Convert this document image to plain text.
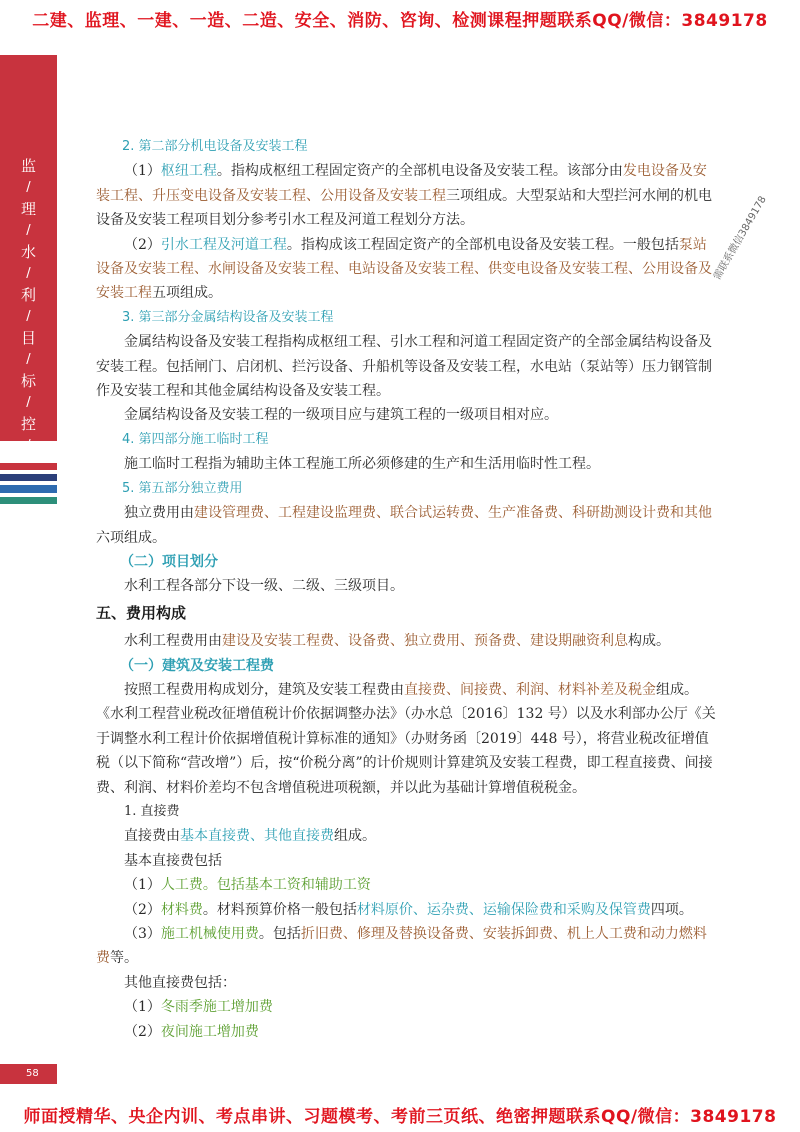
二建、监理、一建、一造、二造、安全、消防、咨询、检测课程押题联系QQ/微信：3849178
监
/
理
/
水
/
利
/
目
/
标
/
控
/
需联系微信3849178

2. 第二部分机电设备及安装工程

（1）枢纽工程。指构成枢纽工程固定资产的全部机电设备及安装工程。该部分由发电设备及安装工程、升压变电设备及安装工程、公用设备及安装工程三项组成。大型泵站和大型拦河水闸的机电设备及安装工程项目划分参考引水工程及河道工程划分方法。

（2）引水工程及河道工程。指构成该工程固定资产的全部机电设备及安装工程。一般包括泵站设备及安装工程、水闸设备及安装工程、电站设备及安装工程、供变电设备及安装工程、公用设备及安装工程五项组成。

3. 第三部分金属结构设备及安装工程

金属结构设备及安装工程指构成枢纽工程、引水工程和河道工程固定资产的全部金属结构设备及安装工程。包括闸门、启闭机、拦污设备、升船机等设备及安装工程，水电站（泵站等）压力钢管制作及安装工程和其他金属结构设备及安装工程。

金属结构设备及安装工程的一级项目应与建筑工程的一级项目相对应。

4. 第四部分施工临时工程

施工临时工程指为辅助主体工程施工所必须修建的生产和生活用临时性工程。

5. 第五部分独立费用

独立费用由建设管理费、工程建设监理费、联合试运转费、生产准备费、科研勘测设计费和其他六项组成。

（二）项目划分

水利工程各部分下设一级、二级、三级项目。

五、费用构成

水利工程费用由建设及安装工程费、设备费、独立费用、预备费、建设期融资利息构成。

（一）建筑及安装工程费

按照工程费用构成划分，建筑及安装工程费由直接费、间接费、利润、材料补差及税金组成。《水利工程营业税改征增值税计价依据调整办法》（办水总〔2016〕132 号）以及水利部办公厅《关于调整水利工程计价依据增值税计算标准的通知》（办财务函〔2019〕448 号），将营业税改征增值税（以下简称“营改增”）后，按“价税分离”的计价规则计算建筑及安装工程费，即工程直接费、间接费、利润、材料价差均不包含增值税进项税额，并以此为基础计算增值税税金。

1. 直接费

直接费由基本直接费、其他直接费组成。

基本直接费包括

（1）人工费。包括基本工资和辅助工资

（2）材料费。材料预算价格一般包括材料原价、运杂费、运输保险费和采购及保管费四项。

（3）施工机械使用费。包括折旧费、修理及替换设备费、安装拆卸费、机上人工费和动力燃料费等。

其他直接费包括：

（1）冬雨季施工增加费

（2）夜间施工增加费

58
师面授精华、央企内训、考点串讲、习题模考、考前三页纸、绝密押题联系QQ/微信：3849178
